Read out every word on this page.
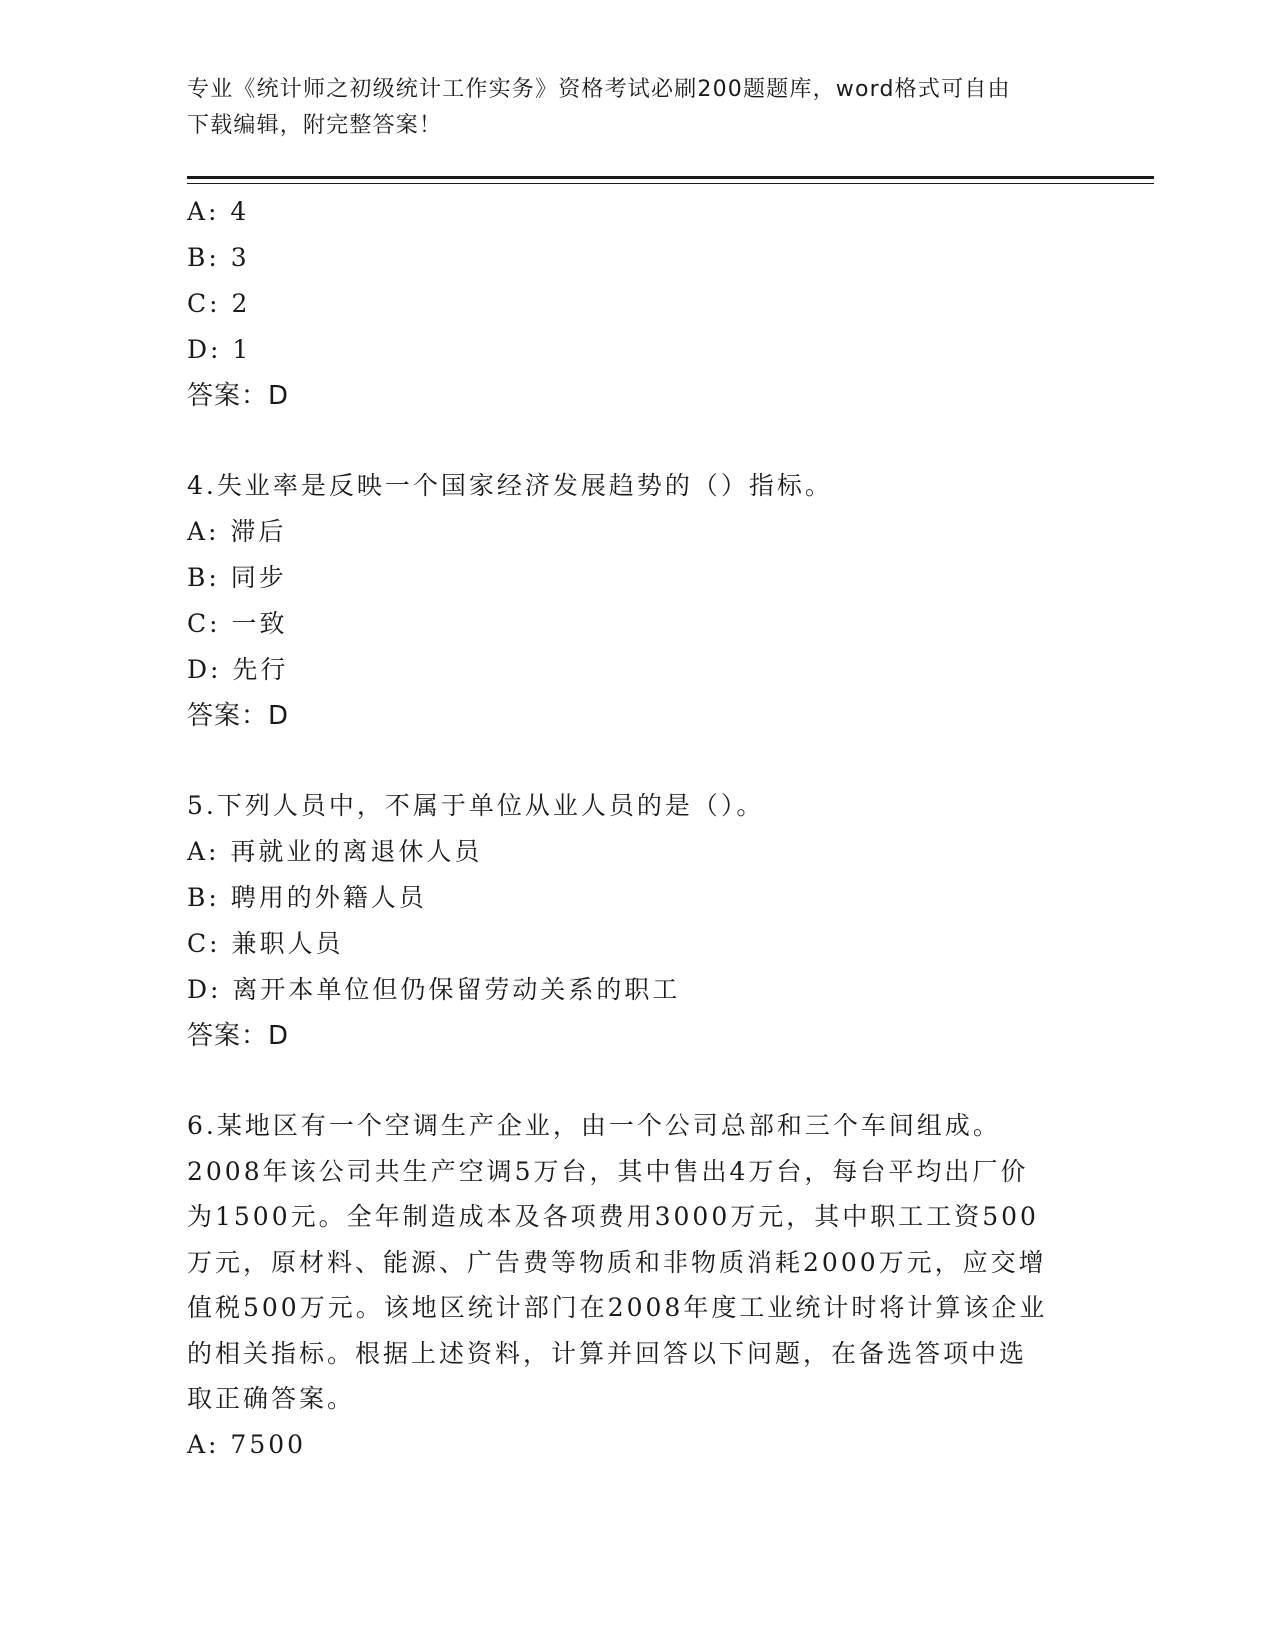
专业《统计师之初级统计工作实务》资格考试必刷200题题库，word格式可自由
下载编辑，附完整答案！
A: 4
B: 3
C: 2
D: 1
答案：D
4.失业率是反映一个国家经济发展趋势的（）指标。
A: 滞后
B: 同步
C: 一致
D: 先行
答案：D
5.下列人员中，不属于单位从业人员的是（）。
A: 再就业的离退休人员
B: 聘用的外籍人员
C: 兼职人员
D: 离开本单位但仍保留劳动关系的职工
答案：D
6.某地区有一个空调生产企业，由一个公司总部和三个车间组成。
2008年该公司共生产空调5万台，其中售出4万台，每台平均出厂价
为1500元。全年制造成本及各项费用3000万元，其中职工工资500
万元，原材料、能源、广告费等物质和非物质消耗2000万元，应交增
值税500万元。该地区统计部门在2008年度工业统计时将计算该企业
的相关指标。根据上述资料，计算并回答以下问题，在备选答项中选
取正确答案。
A: 7500
